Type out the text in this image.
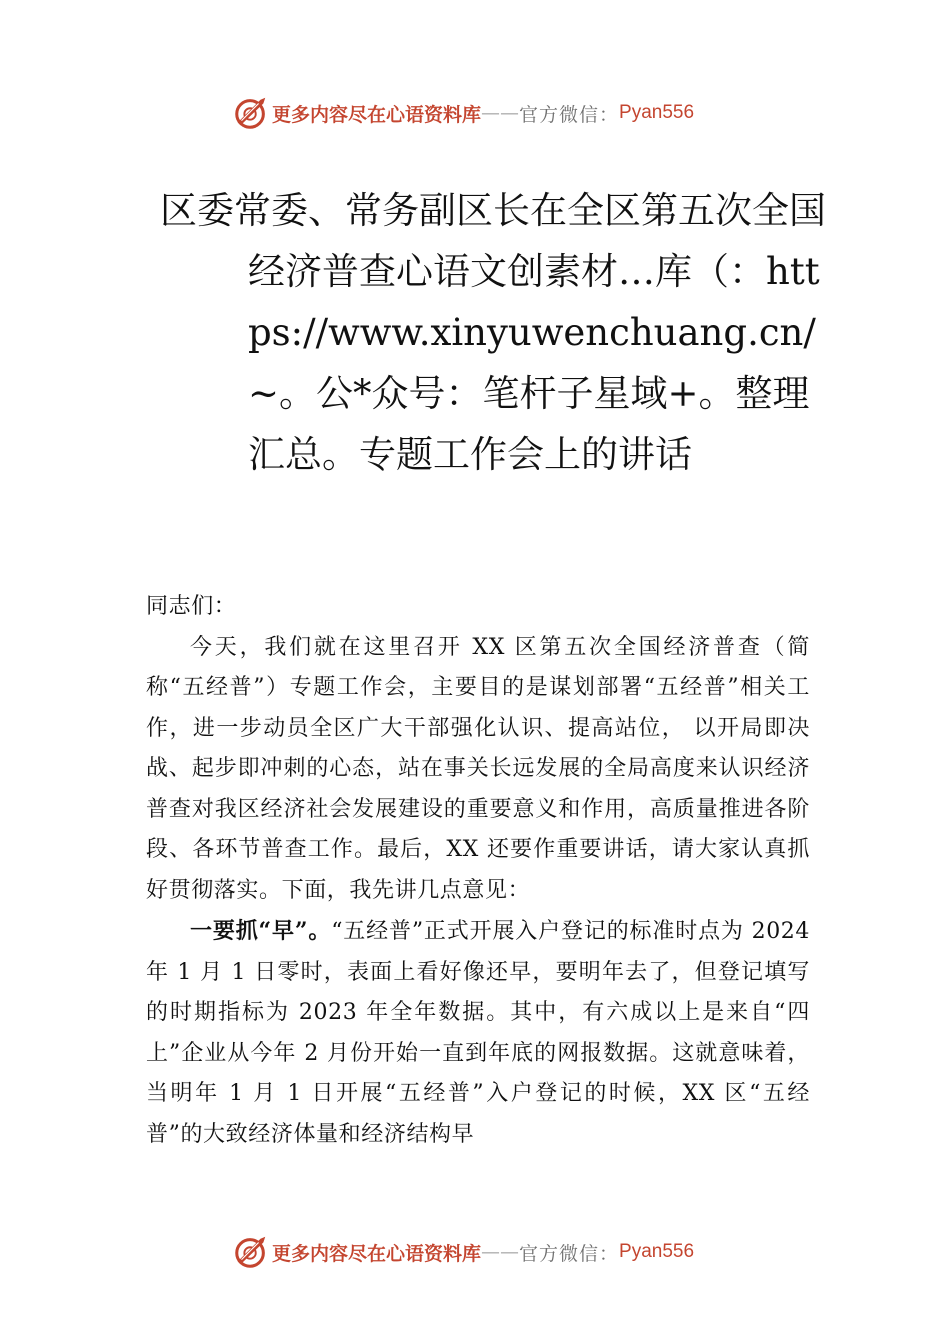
更多内容尽在心语资料库 —— 官方微信： Pyan556
区委常委、常务副区长在全区第五次全国
经济普查心语文创素材…库（：https://www.xinyuwenchuang.cn/~。公*众号：笔杆子星域+。整理汇总。专题工作会上的讲话

同志们：

今天，我们就在这里召开 XX 区第五次全国经济普查（简称“五经普”）专题工作会，主要目的是谋划部署“五经普”相关工作，进一步动员全区广大干部强化认识、提高站位， 以开局即决战、起步即冲刺的心态，站在事关长远发展的全局高度来认识经济普查对我区经济社会发展建设的重要意义和作用，高质量推进各阶段、各环节普查工作。最后，XX 还要作重要讲话，请大家认真抓好贯彻落实。下面，我先讲几点意见：

一要抓“早”。“五经普”正式开展入户登记的标准时点为 2024 年 1 月 1 日零时，表面上看好像还早，要明年去了，但登记填写的时期指标为 2023 年全年数据。其中，有六成以上是来自“四上”企业从今年 2 月份开始一直到年底的网报数据。这就意味着，当明年 1 月 1 日开展“五经普”入户登记的时候，XX 区“五经普”的大致经济体量和经济结构早

更多内容尽在心语资料库 —— 官方微信： Pyan556
